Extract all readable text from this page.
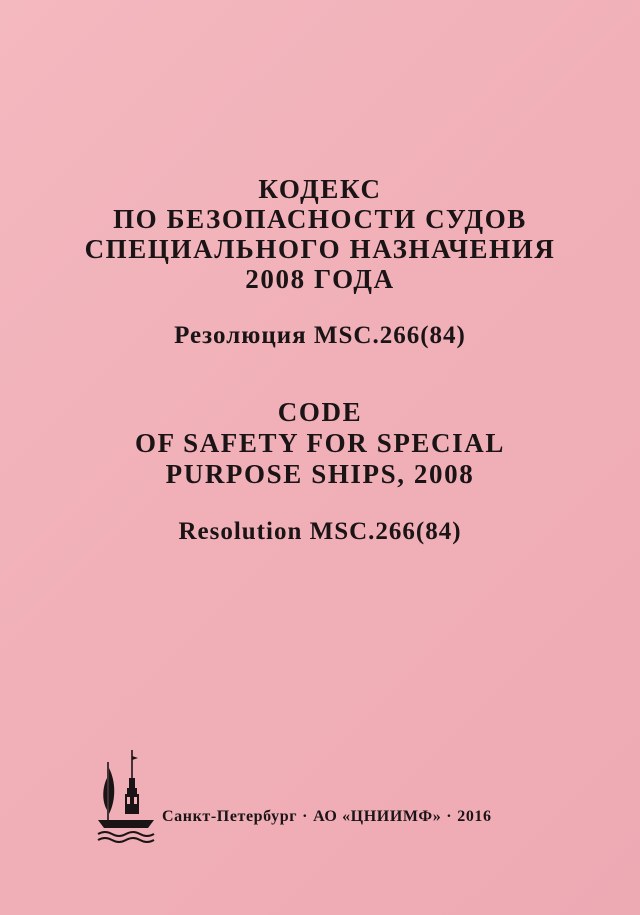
КОДЕКС
ПО БЕЗОПАСНОСТИ СУДОВ
СПЕЦИАЛЬНОГО НАЗНАЧЕНИЯ
2008 ГОДА
Резолюция MSC.266(84)
CODE
OF SAFETY FOR SPECIAL
PURPOSE SHIPS, 2008
Resolution MSC.266(84)
Санкт-Петербург · АО «ЦНИИМФ» · 2016
